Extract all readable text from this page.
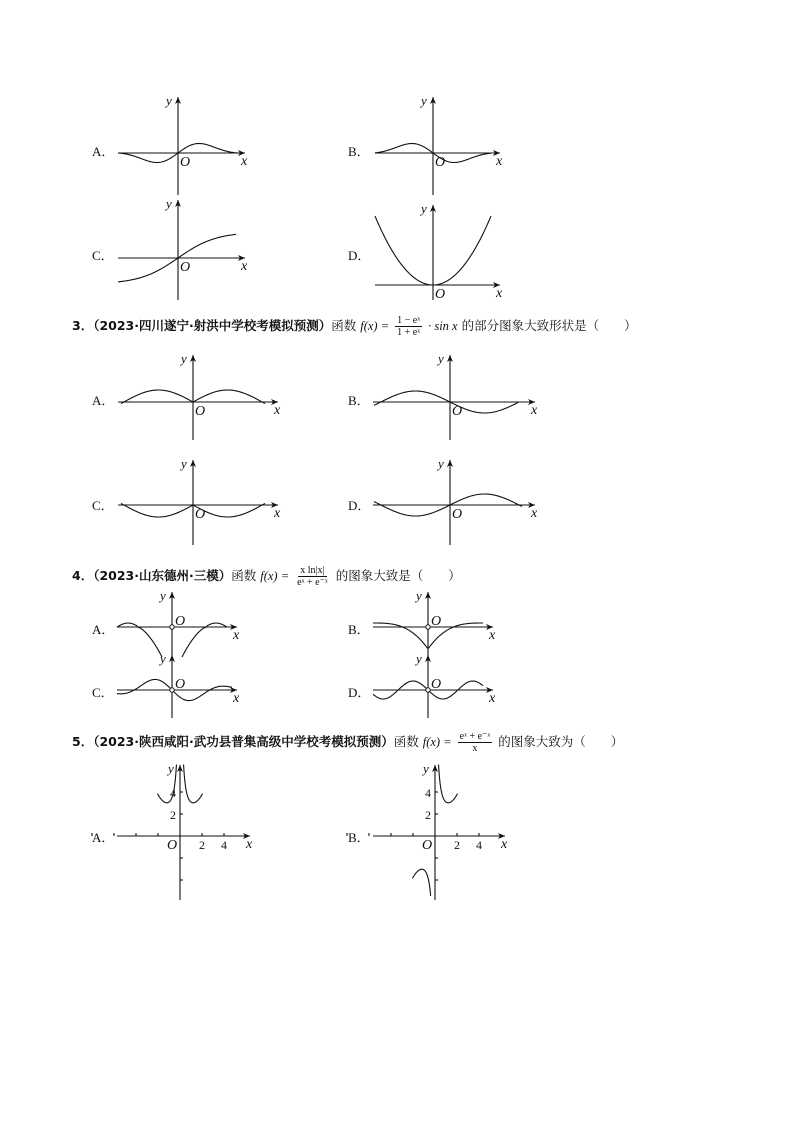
A．	B．
C．	D．
3．（2023·四川遂宁·射洪中学校考模拟预测）函数 $f(x) = \frac{\text{1 − eˣ}}{\text{1 + eˣ}} \cdot \sin x$ 的部分图象大致形状是（　　）
A．	B．
C．	D．
4．（2023·山东德州·三模）函数 $f(x) = \frac{\text{x ln|x|}}{\text{eˣ + e⁻ˣ}}$ 的图象大致是（　　）
A．	B．
C．	D．
5．（2023·陕西咸阳·武功县普集高级中学校考模拟预测）函数 $f(x) = \frac{\text{eˣ + e⁻ˣ}}{x}$ 的图象大致为（　　）
A．	B．
x
y
O	x
y
O
x
y
O
x
y
O
x
y
O	x
y
O
x
y
O	x
y
O
x
y
O
x
y
O
x
y
O
x
y
O
x
y
O 2 4
2
4
x
y
O 2 4
2
4
